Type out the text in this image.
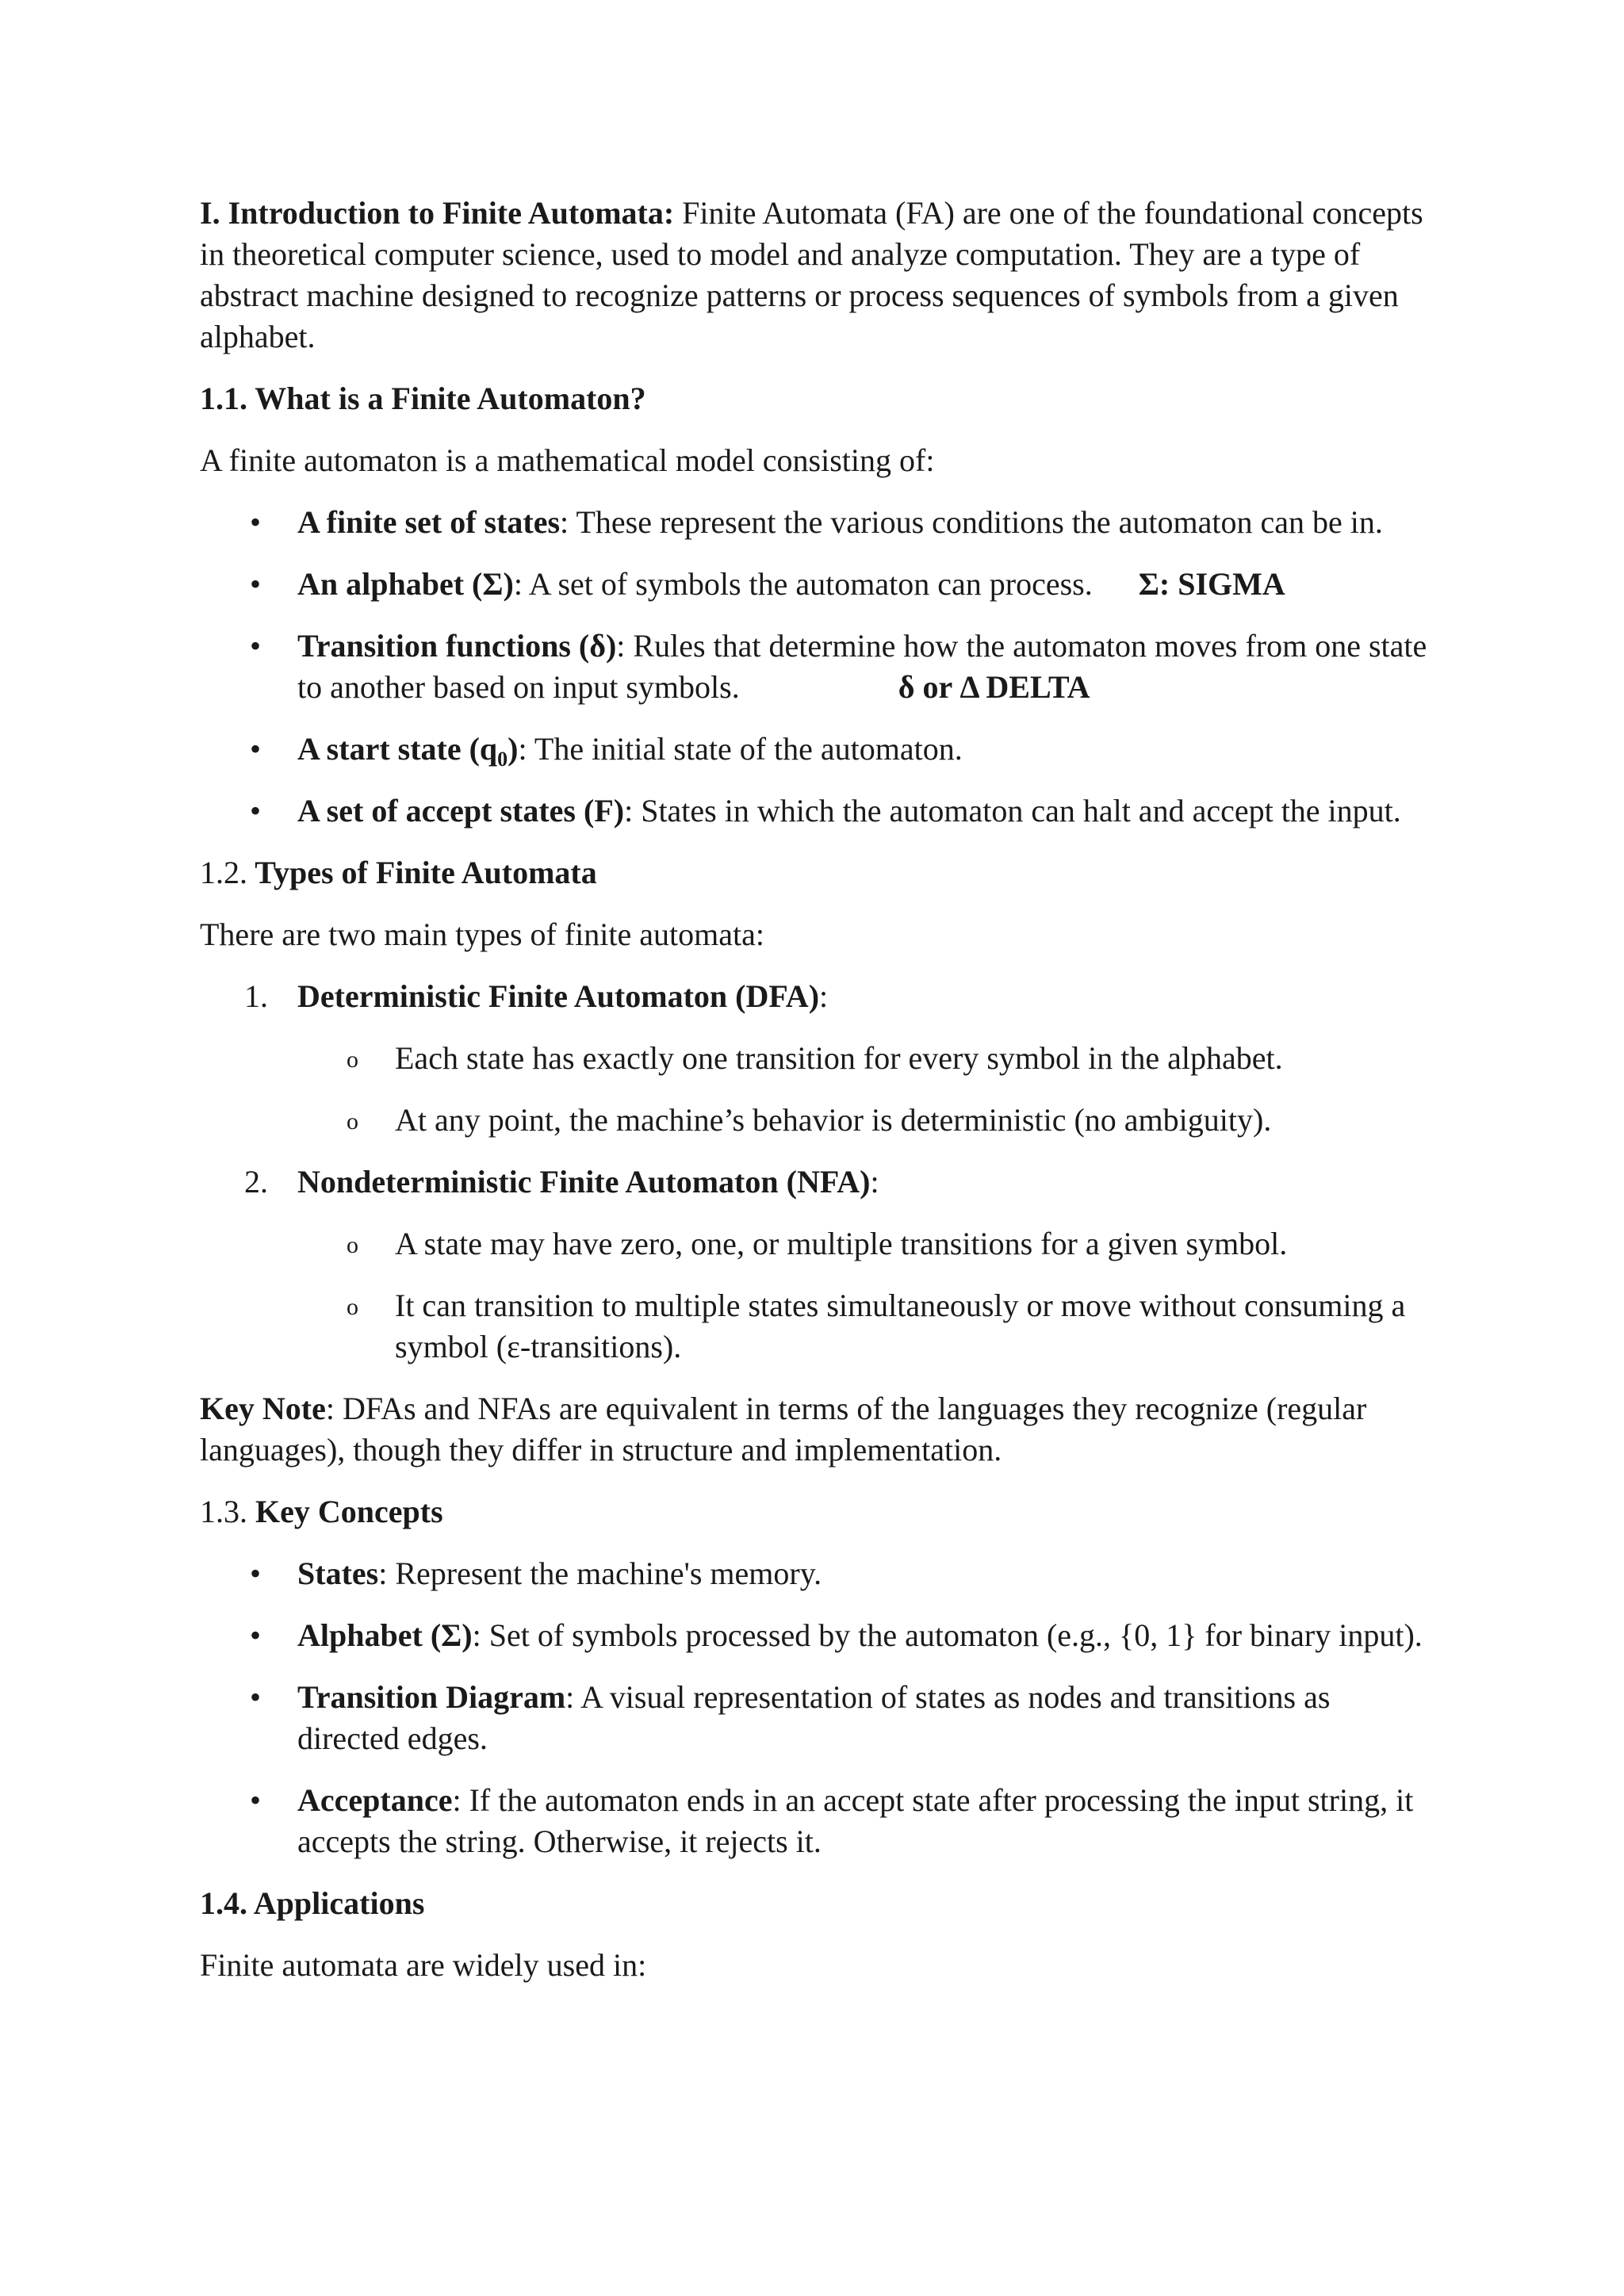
I. Introduction to Finite Automata: Finite Automata (FA) are one of the foundational concepts in theoretical computer science, used to model and analyze computation. They are a type of abstract machine designed to recognize patterns or process sequences of symbols from a given alphabet.

1.1. What is a Finite Automaton?

A finite automaton is a mathematical model consisting of:

• A finite set of states: These represent the various conditions the automaton can be in.
• An alphabet (Σ): A set of symbols the automaton can process. Σ: SIGMA
Transition functions (δ): Rules that determine how the automaton moves from one state to another based on input symbols.	δ or Δ DELTA
•
• A start state $(q_0)$: The initial state of the automaton.
• A set of accept states (F): States in which the automaton can halt and accept the input.

1.2. Types of Finite Automata

There are two main types of finite automata:

1. Deterministic Finite Automaton (DFA):
o Each state has exactly one transition for every symbol in the alphabet.
o At any point, the machine’s behavior is deterministic (no ambiguity).
2. Nondeterministic Finite Automaton (NFA):
o A state may have zero, one, or multiple transitions for a given symbol.
o It can transition to multiple states simultaneously or move without consuming a symbol (ε-transitions).

Key Note: DFAs and NFAs are equivalent in terms of the languages they recognize (regular languages), though they differ in structure and implementation.

1.3. Key Concepts

• States: Represent the machine's memory.
• Alphabet (Σ): Set of symbols processed by the automaton (e.g., {0, 1} for binary input).
• Transition Diagram: A visual representation of states as nodes and transitions as directed edges.
• Acceptance: If the automaton ends in an accept state after processing the input string, it accepts the string. Otherwise, it rejects it.

1.4. Applications

Finite automata are widely used in:
